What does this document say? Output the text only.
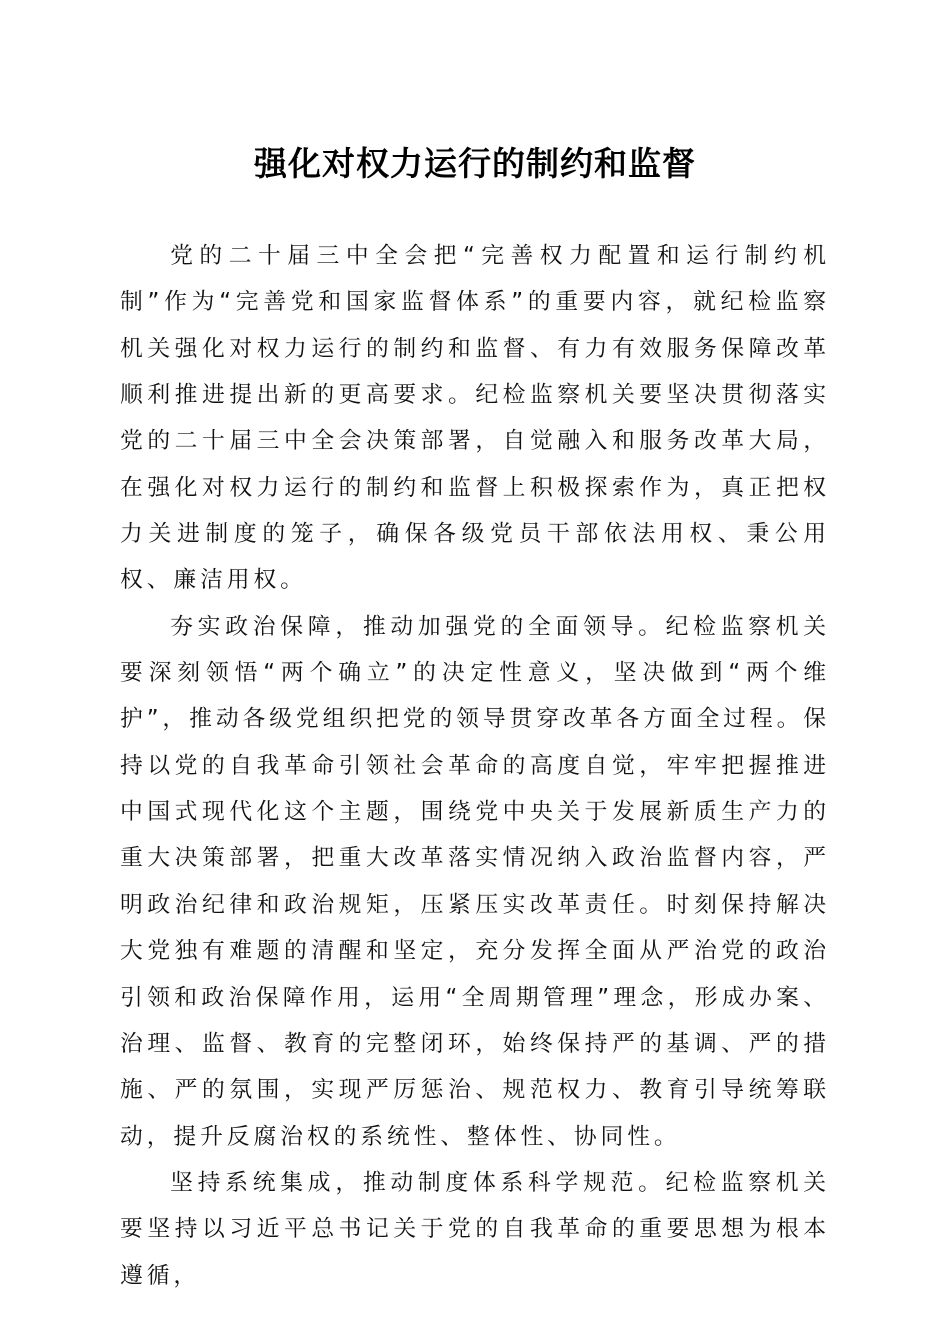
强化对权力运行的制约和监督

党的二十届三中全会把“完善权力配置和运行制约机制”作为“完善党和国家监督体系”的重要内容，就纪检监察机关强化对权力运行的制约和监督、有力有效服务保障改革顺利推进提出新的更高要求。纪检监察机关要坚决贯彻落实党的二十届三中全会决策部署，自觉融入和服务改革大局，在强化对权力运行的制约和监督上积极探索作为，真正把权力关进制度的笼子，确保各级党员干部依法用权、秉公用权、廉洁用权。

夯实政治保障，推动加强党的全面领导。纪检监察机关要深刻领悟“两个确立”的决定性意义，坚决做到“两个维护”，推动各级党组织把党的领导贯穿改革各方面全过程。保持以党的自我革命引领社会革命的高度自觉，牢牢把握推进中国式现代化这个主题，围绕党中央关于发展新质生产力的重大决策部署，把重大改革落实情况纳入政治监督内容，严明政治纪律和政治规矩，压紧压实改革责任。时刻保持解决大党独有难题的清醒和坚定，充分发挥全面从严治党的政治引领和政治保障作用，运用“全周期管理”理念，形成办案、治理、监督、教育的完整闭环，始终保持严的基调、严的措施、严的氛围，实现严厉惩治、规范权力、教育引导统筹联动，提升反腐治权的系统性、整体性、协同性。

坚持系统集成，推动制度体系科学规范。纪检监察机关要坚持以习近平总书记关于党的自我革命的重要思想为根本遵循，
